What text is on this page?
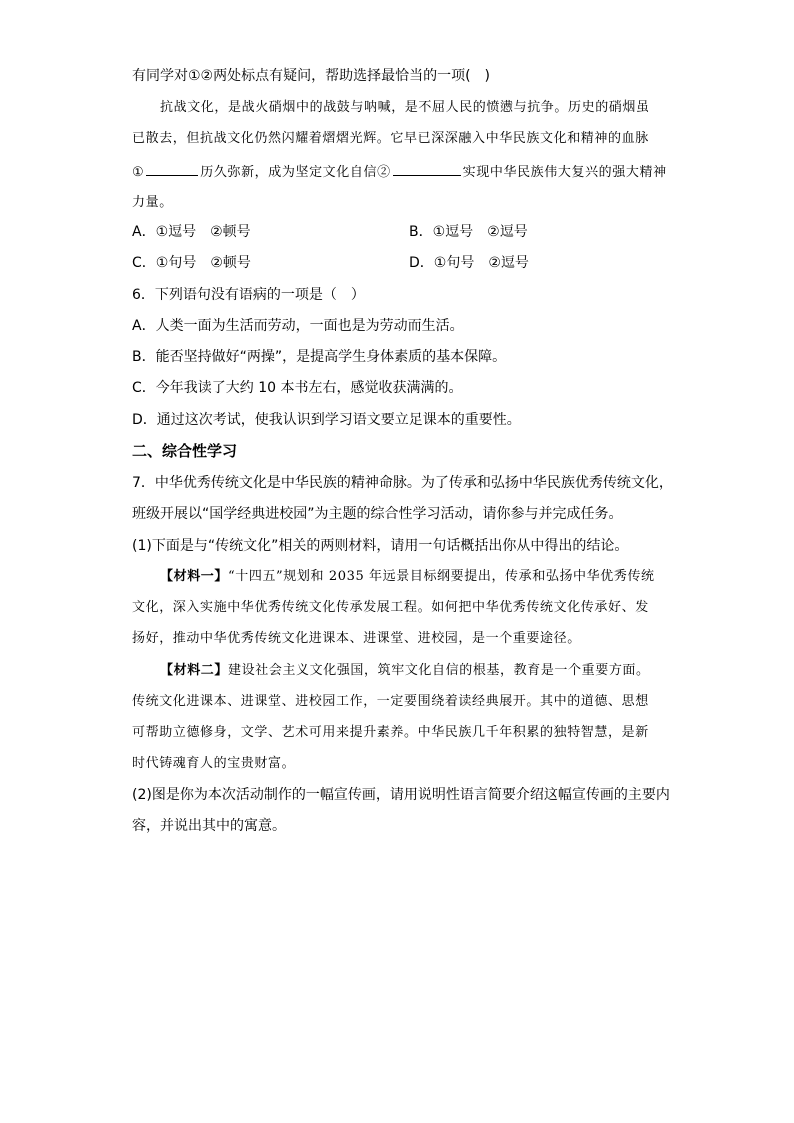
有同学对①②两处标点有疑问，帮助选择最恰当的一项(　)
抗战文化，是战火硝烟中的战鼓与呐喊，是不屈人民的愤懑与抗争。历史的硝烟虽
已散去，但抗战文化仍然闪耀着熠熠光辉。它早已深深融入中华民族文化和精神的血脉
①	历久弥新，成为坚定文化自信②	实现中华民族伟大复兴的强大精神
力量。
A．①逗号　②顿号	B．①逗号　②逗号
C．①句号　②顿号	D．①句号　②逗号
6．下列语句没有语病的一项是（　）
A．人类一面为生活而劳动，一面也是为劳动而生活。
B．能否坚持做好“两操”，是提高学生身体素质的基本保障。
C．今年我读了大约 10 本书左右，感觉收获满满的。
D．通过这次考试，使我认识到学习语文要立足课本的重要性。
二、综合性学习
7．中华优秀传统文化是中华民族的精神命脉。为了传承和弘扬中华民族优秀传统文化，
班级开展以“国学经典进校园”为主题的综合性学习活动，请你参与并完成任务。
(1)下面是与“传统文化”相关的两则材料，请用一句话概括出你从中得出的结论。
【材料一】“十四五”规划和 2035 年远景目标纲要提出，传承和弘扬中华优秀传统
文化，深入实施中华优秀传统文化传承发展工程。如何把中华优秀传统文化传承好、发
扬好，推动中华优秀传统文化进课本、进课堂、进校园，是一个重要途径。
【材料二】建设社会主义文化强国，筑牢文化自信的根基，教育是一个重要方面。
传统文化进课本、进课堂、进校园工作，一定要围绕着读经典展开。其中的道德、思想
可帮助立德修身，文学、艺术可用来提升素养。中华民族几千年积累的独特智慧，是新
时代铸魂育人的宝贵财富。
(2)图是你为本次活动制作的一幅宣传画，请用说明性语言简要介绍这幅宣传画的主要内
容，并说出其中的寓意。
